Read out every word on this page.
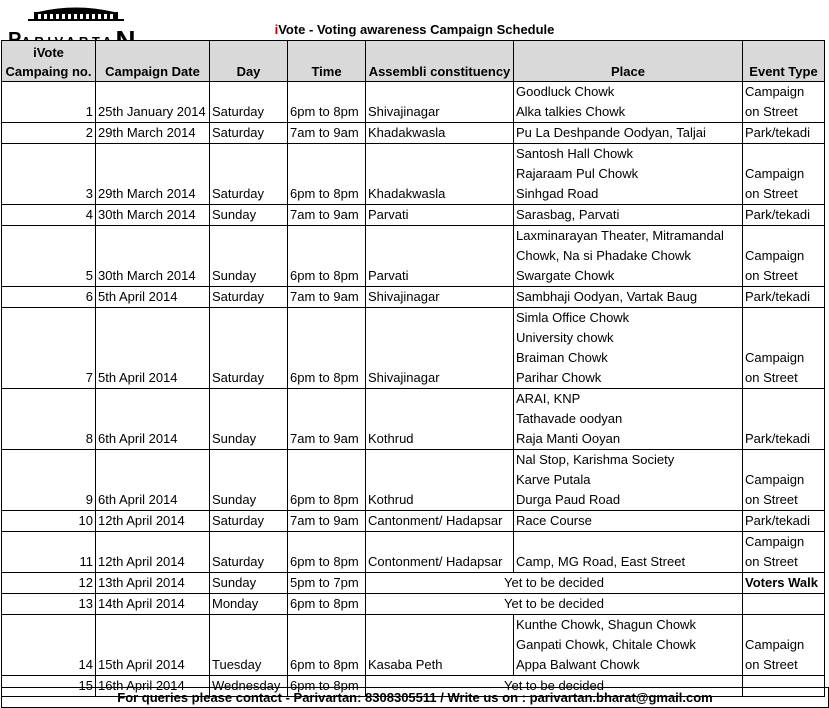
iVote - Voting awareness Campaign Schedule
iVote
Campaing no.	Campaign Date	Day	Time	Assembli constituency	Place	Event Type
1	25th January 2014	Saturday	6pm to 8pm	Shivajinagar	Goodluck Chowk
Alka talkies Chowk	Campaign
on Street
2	29th March 2014	Saturday	7am to 9am	Khadakwasla	Pu La Deshpande Oodyan, Taljai	Park/tekadi
3	29th March 2014	Saturday	6pm to 8pm	Khadakwasla	Santosh Hall Chowk
Rajaraam Pul Chowk
Sinhgad Road	Campaign
on Street
4	30th March 2014	Sunday	7am to 9am	Parvati	Sarasbag, Parvati	Park/tekadi
5	30th March 2014	Sunday	6pm to 8pm	Parvati	Laxminarayan Theater, Mitramandal
Chowk, Na si Phadake Chowk
Swargate Chowk	Campaign
on Street
6	5th April 2014	Saturday	7am to 9am	Shivajinagar	Sambhaji Oodyan, Vartak Baug	Park/tekadi
7	5th April 2014	Saturday	6pm to 8pm	Shivajinagar	Simla Office Chowk
University chowk
Braiman Chowk
Parihar Chowk	Campaign
on Street
8	6th April 2014	Sunday	7am to 9am	Kothrud	ARAI, KNP
Tathavade oodyan
Raja Manti Ooyan	Park/tekadi
9	6th April 2014	Sunday	6pm to 8pm	Kothrud	Nal Stop, Karishma Society
Karve Putala
Durga Paud Road	Campaign
on Street
10	12th April 2014	Saturday	7am to 9am	Cantonment/ Hadapsar	Race Course	Park/tekadi
11	12th April 2014	Saturday	6pm to 8pm	Contonment/ Hadapsar	Camp, MG Road, East Street	Campaign
on Street
12	13th April 2014	Sunday	5pm to 7pm	Yet to be decided		Voters Walk
13	14th April 2014	Monday	6pm to 8pm	Yet to be decided		
14	15th April 2014	Tuesday	6pm to 8pm	Kasaba Peth	Kunthe Chowk, Shagun Chowk
Ganpati Chowk, Chitale Chowk
Appa Balwant Chowk	Campaign
on Street
15	16th April 2014	Wednesday	6pm to 8pm	Yet to be decided		
For queries please contact - Parivartan: 8308305511 / Write us on : parivartan.bharat@gmail.com
